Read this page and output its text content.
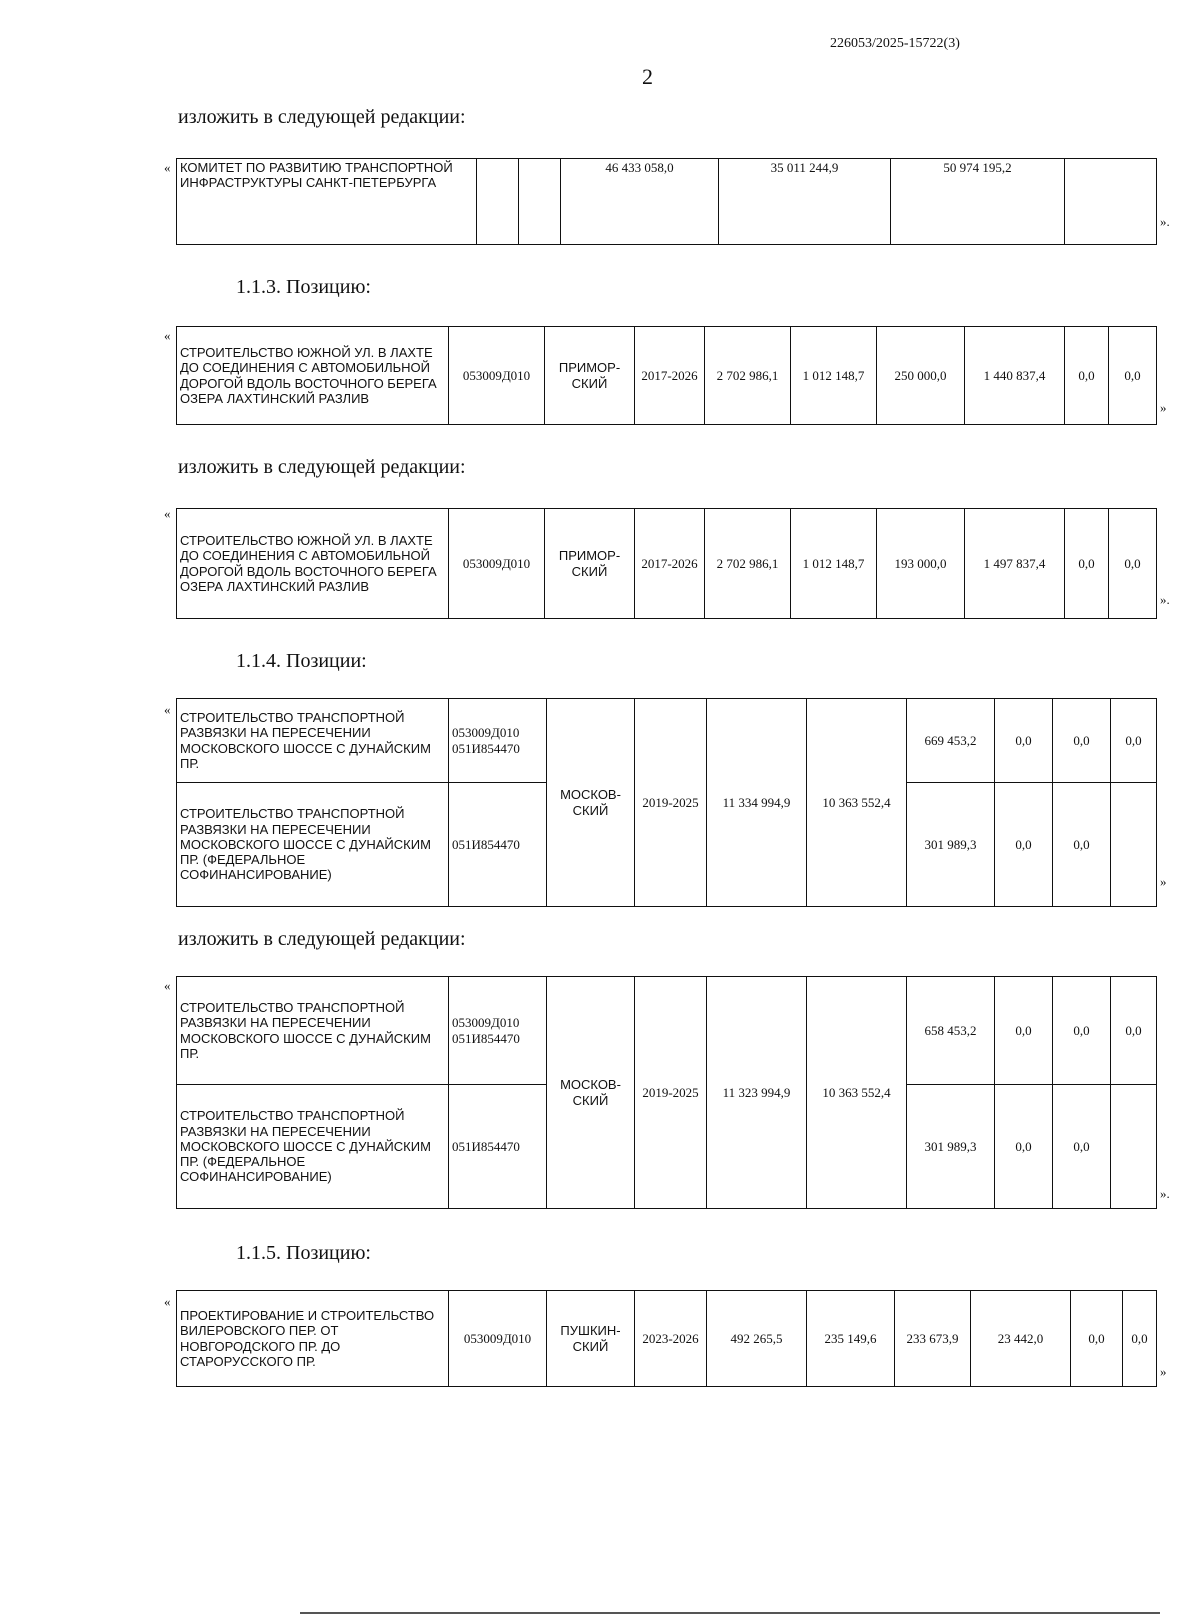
226053/2025-15722(3)
2
изложить в следующей редакции:
« КОМИТЕТ ПО РАЗВИТИЮ ТРАНСПОРТНОЙ ИНФРАСТРУКТУРЫ САНКТ-ПЕТЕРБУРГА			46 433 058,0	35 011 244,9	50 974 195,2	
».
1.1.3. Позицию:
«
СТРОИТЕЛЬСТВО ЮЖНОЙ УЛ. В ЛАХТЕ ДО СОЕДИНЕНИЯ С АВТОМОБИЛЬНОЙ ДОРОГОЙ ВДОЛЬ ВОСТОЧНОГО БЕРЕГА ОЗЕРА ЛАХТИНСКИЙ РАЗЛИВ	053009Д010	ПРИМОР-СКИЙ	2017-2026	2 702 986,1	1 012 148,7	250 000,0	1 440 837,4	0,0	0,0
»
изложить в следующей редакции:
«
СТРОИТЕЛЬСТВО ЮЖНОЙ УЛ. В ЛАХТЕ ДО СОЕДИНЕНИЯ С АВТОМОБИЛЬНОЙ ДОРОГОЙ ВДОЛЬ ВОСТОЧНОГО БЕРЕГА ОЗЕРА ЛАХТИНСКИЙ РАЗЛИВ	053009Д010	ПРИМОР-СКИЙ	2017-2026	2 702 986,1	1 012 148,7	193 000,0	1 497 837,4	0,0	0,0
».
1.1.4. Позиции:
«
СТРОИТЕЛЬСТВО ТРАНСПОРТНОЙ РАЗВЯЗКИ НА ПЕРЕСЕЧЕНИИ МОСКОВСКОГО ШОССЕ С ДУНАЙСКИМ ПР.	053009Д010 051И854470	МОСКОВ-СКИЙ	2019-2025	11 334 994,9	10 363 552,4	669 453,2	0,0	0,0	0,0
СТРОИТЕЛЬСТВО ТРАНСПОРТНОЙ РАЗВЯЗКИ НА ПЕРЕСЕЧЕНИИ МОСКОВСКОГО ШОССЕ С ДУНАЙСКИМ ПР. (ФЕДЕРАЛЬНОЕ СОФИНАНСИРОВАНИЕ)	051И854470					301 989,3	0,0	0,0	
»
изложить в следующей редакции:
«
СТРОИТЕЛЬСТВО ТРАНСПОРТНОЙ РАЗВЯЗКИ НА ПЕРЕСЕЧЕНИИ МОСКОВСКОГО ШОССЕ С ДУНАЙСКИМ ПР.	053009Д010 051И854470	МОСКОВ-СКИЙ	2019-2025	11 323 994,9	10 363 552,4	658 453,2	0,0	0,0	0,0
СТРОИТЕЛЬСТВО ТРАНСПОРТНОЙ РАЗВЯЗКИ НА ПЕРЕСЕЧЕНИИ МОСКОВСКОГО ШОССЕ С ДУНАЙСКИМ ПР. (ФЕДЕРАЛЬНОЕ СОФИНАНСИРОВАНИЕ)	051И854470					301 989,3	0,0	0,0	
».
1.1.5. Позицию:
«
ПРОЕКТИРОВАНИЕ И СТРОИТЕЛЬСТВО ВИЛЕРОВСКОГО ПЕР. ОТ НОВГОРОДСКОГО ПР. ДО СТАРОРУССКОГО ПР.	053009Д010	ПУШКИН-СКИЙ	2023-2026	492 265,5	235 149,6	233 673,9	23 442,0	0,0	0,0
»
